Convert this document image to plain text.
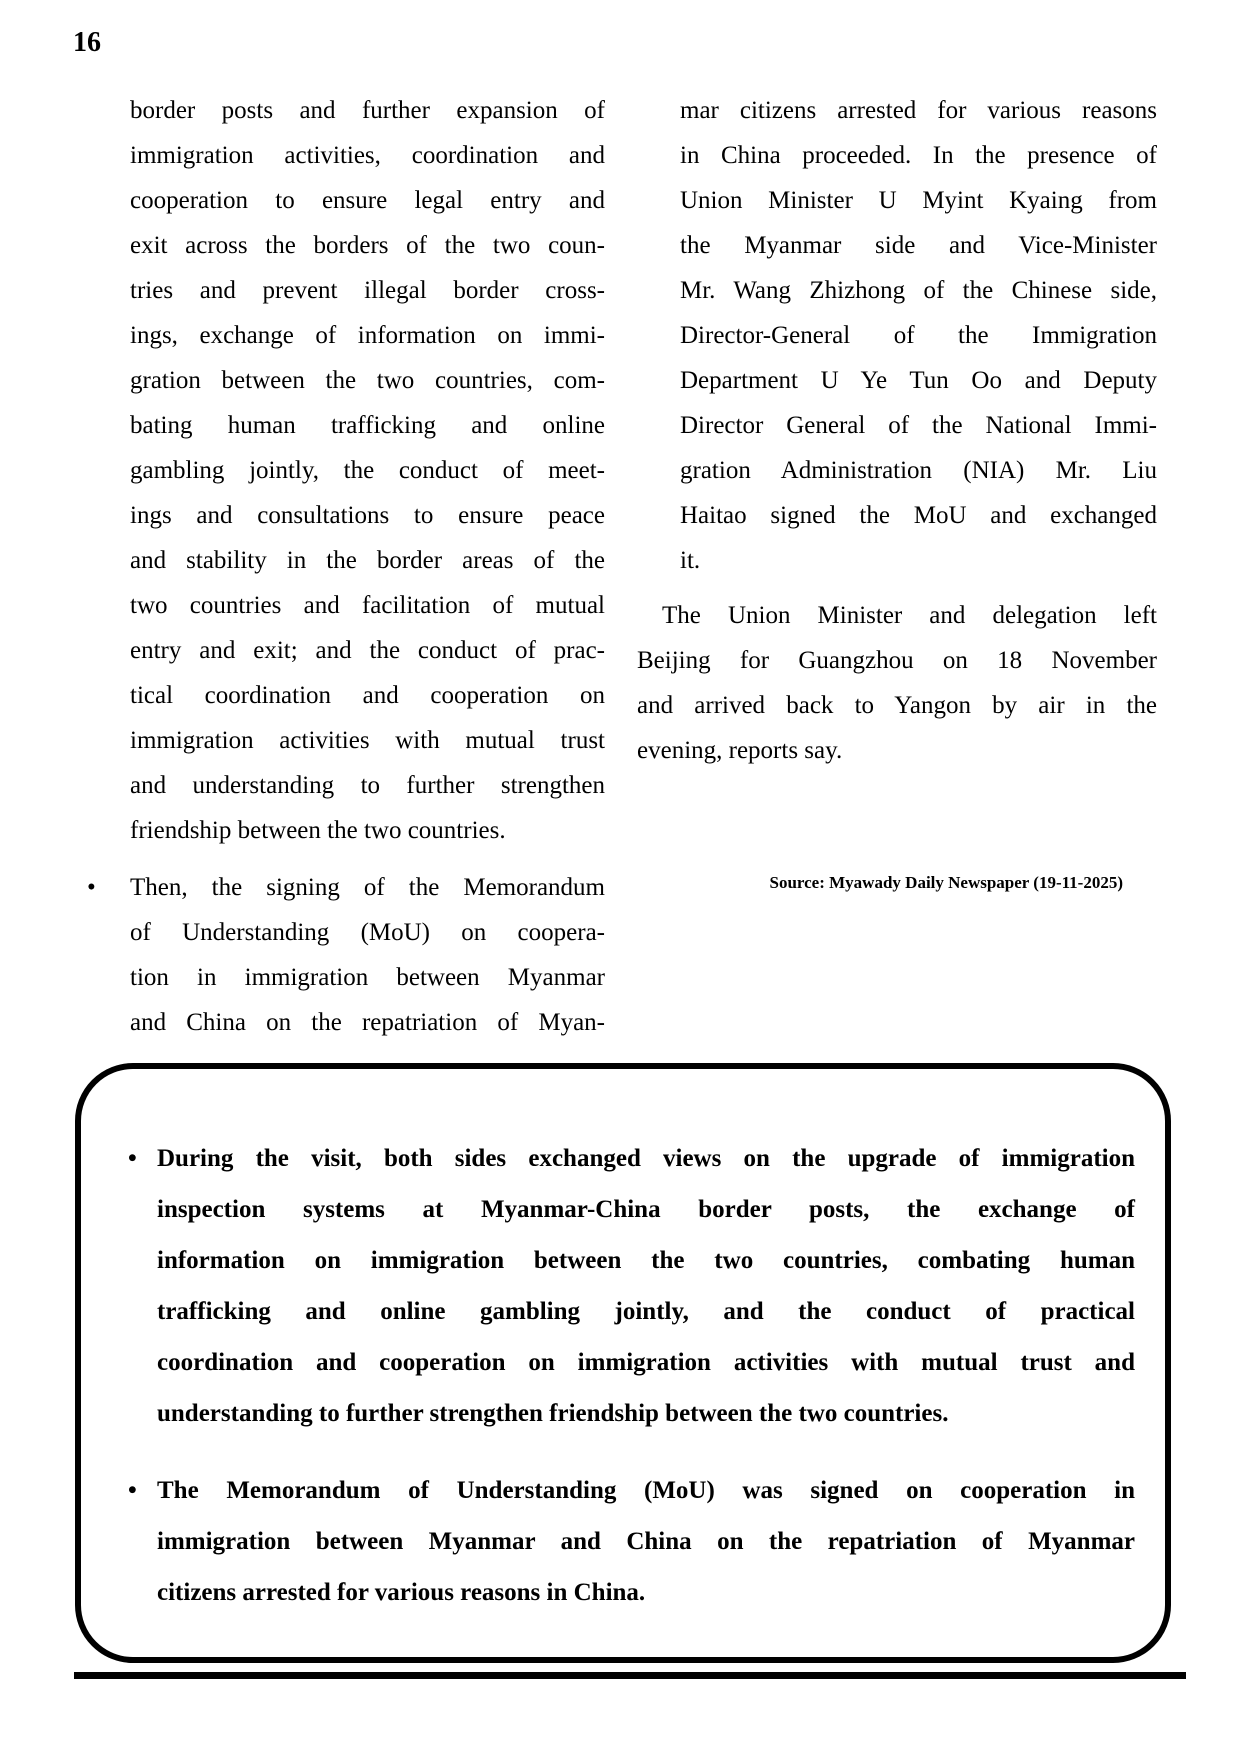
16
border posts and further expansion of
immigration activities, coordination and
cooperation to ensure legal entry and
exit across the borders of the two coun-
tries and prevent illegal border cross-
ings, exchange of information on immi-
gration between the two countries, com-
bating human trafficking and online
gambling jointly, the conduct of meet-
ings and consultations to ensure peace
and stability in the border areas of the
two countries and facilitation of mutual
entry and exit; and the conduct of prac-
tical coordination and cooperation on
immigration activities with mutual trust
and understanding to further strengthen
friendship between the two countries.
• Then, the signing of the Memorandum
of Understanding (MoU) on coopera-
tion in immigration between Myanmar
and China on the repatriation of Myan-
mar citizens arrested for various reasons
in China proceeded. In the presence of
Union Minister U Myint Kyaing from
the Myanmar side and Vice-Minister
Mr. Wang Zhizhong of the Chinese side,
Director-General of the Immigration
Department U Ye Tun Oo and Deputy
Director General of the National Immi-
gration Administration (NIA) Mr. Liu
Haitao signed the MoU and exchanged
it.
The Union Minister and delegation left
Beijing for Guangzhou on 18 November
and arrived back to Yangon by air in the
evening, reports say.
Source: Myawady Daily Newspaper (19-11-2025)
• During the visit, both sides exchanged views on the upgrade of immigration
inspection systems at Myanmar-China border posts, the exchange of
information on immigration between the two countries, combating human
trafficking and online gambling jointly, and the conduct of practical
coordination and cooperation on immigration activities with mutual trust and
understanding to further strengthen friendship between the two countries.
• The Memorandum of Understanding (MoU) was signed on cooperation in
immigration between Myanmar and China on the repatriation of Myanmar
citizens arrested for various reasons in China.
